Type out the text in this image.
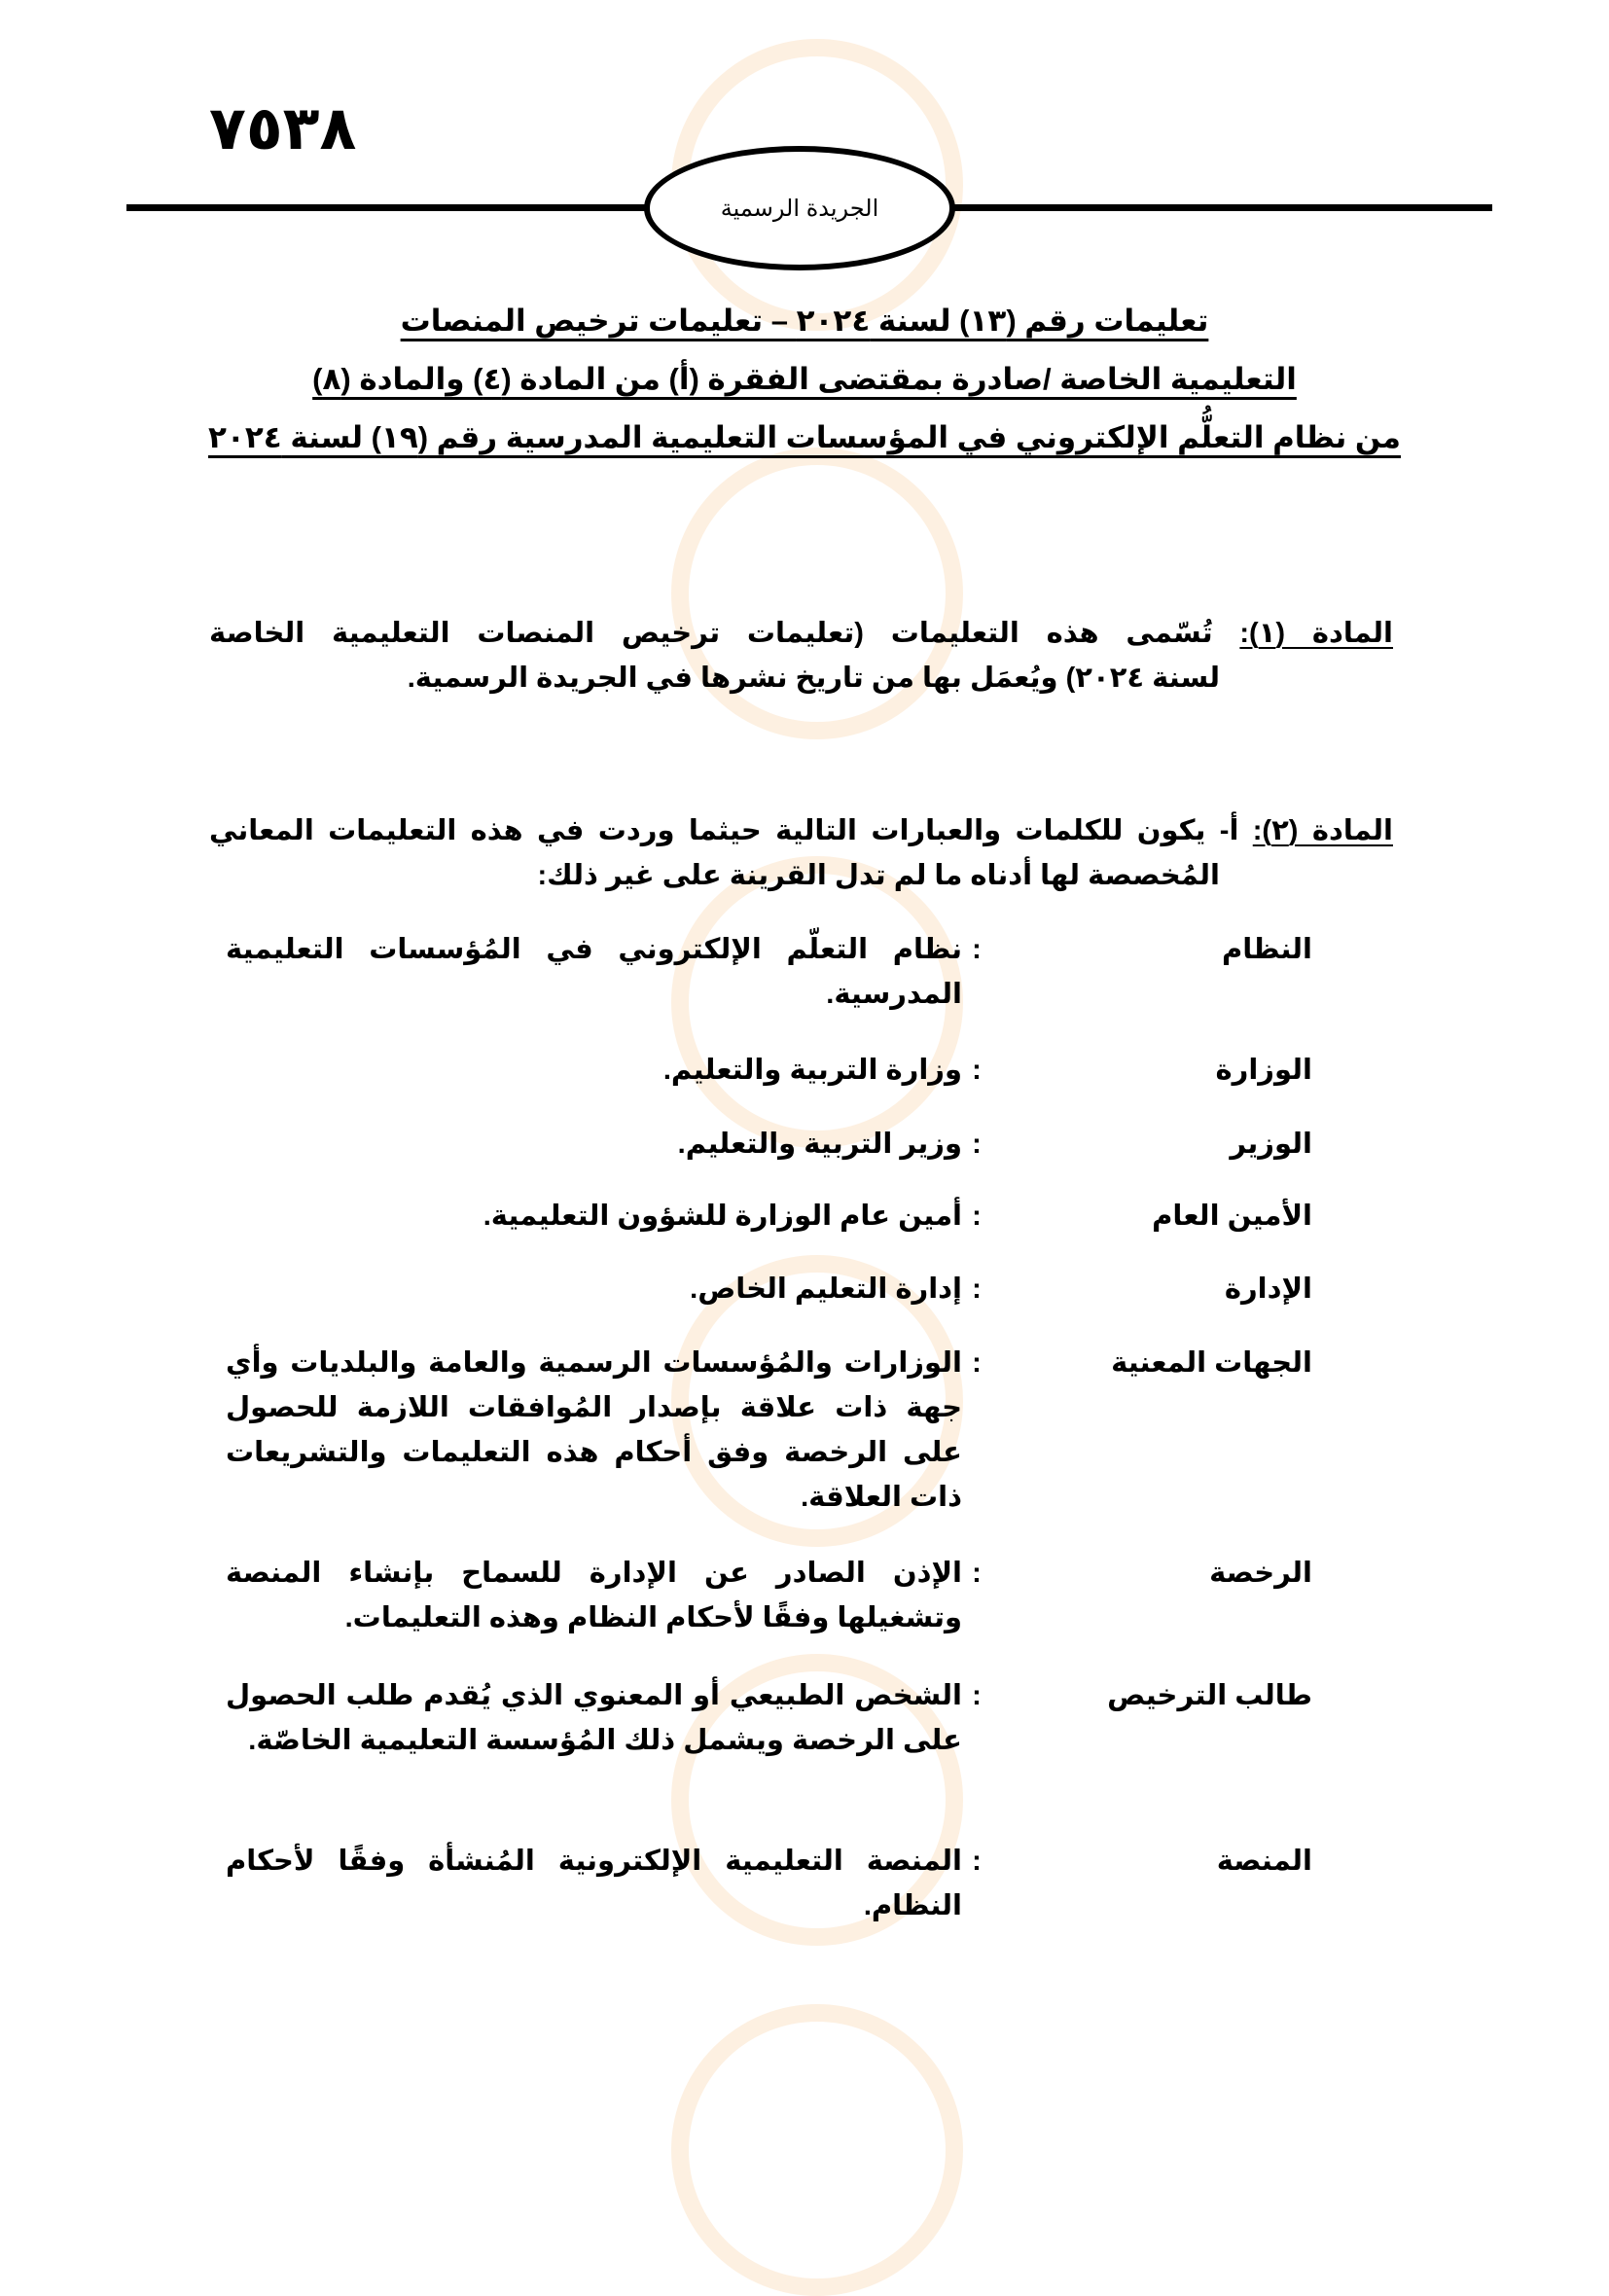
٧٥٣٨
الجريدة الرسمية
تعليمات رقم (١٣) لسنة ٢٠٢٤ – تعليمات ترخيص المنصات
التعليمية الخاصة /صادرة بمقتضى الفقرة (أ) من المادة (٤) والمادة (٨)
من نظام التعلُّم الإلكتروني في المؤسسات التعليمية المدرسية رقم (١٩) لسنة ٢٠٢٤
المادة (١): تُسّمى هذه التعليمات (تعليمات ترخيص المنصات التعليمية الخاصة
لسنة ٢٠٢٤) ويُعمَل بها من تاريخ نشرها في الجريدة الرسمية.
المادة (٢): أ- يكون للكلمات والعبارات التالية حيثما وردت في هذه التعليمات المعاني
المُخصصة لها أدناه ما لم تدل القرينة على غير ذلك:
النظام
:
نظام التعلّم الإلكتروني في المُؤسسات التعليمية المدرسية.
الوزارة
:
وزارة التربية والتعليم.
الوزير
:
وزير التربية والتعليم.
الأمين العام
:
أمين عام الوزارة للشؤون التعليمية.
الإدارة
:
إدارة التعليم الخاص.
الجهات المعنية
:
الوزارات والمُؤسسات الرسمية والعامة والبلديات وأي جهة ذات علاقة بإصدار المُوافقات اللازمة للحصول على الرخصة وفق أحكام هذه التعليمات والتشريعات ذات العلاقة.
الرخصة
:
الإذن الصادر عن الإدارة للسماح بإنشاء المنصة وتشغيلها وفقًا لأحكام النظام وهذه التعليمات.
طالب الترخيص
:
الشخص الطبيعي أو المعنوي الذي يُقدم طلب الحصول على الرخصة ويشمل ذلك المُؤسسة التعليمية الخاصّة.
المنصة
:
المنصة التعليمية الإلكترونية المُنشأة وفقًا لأحكام النظام.
